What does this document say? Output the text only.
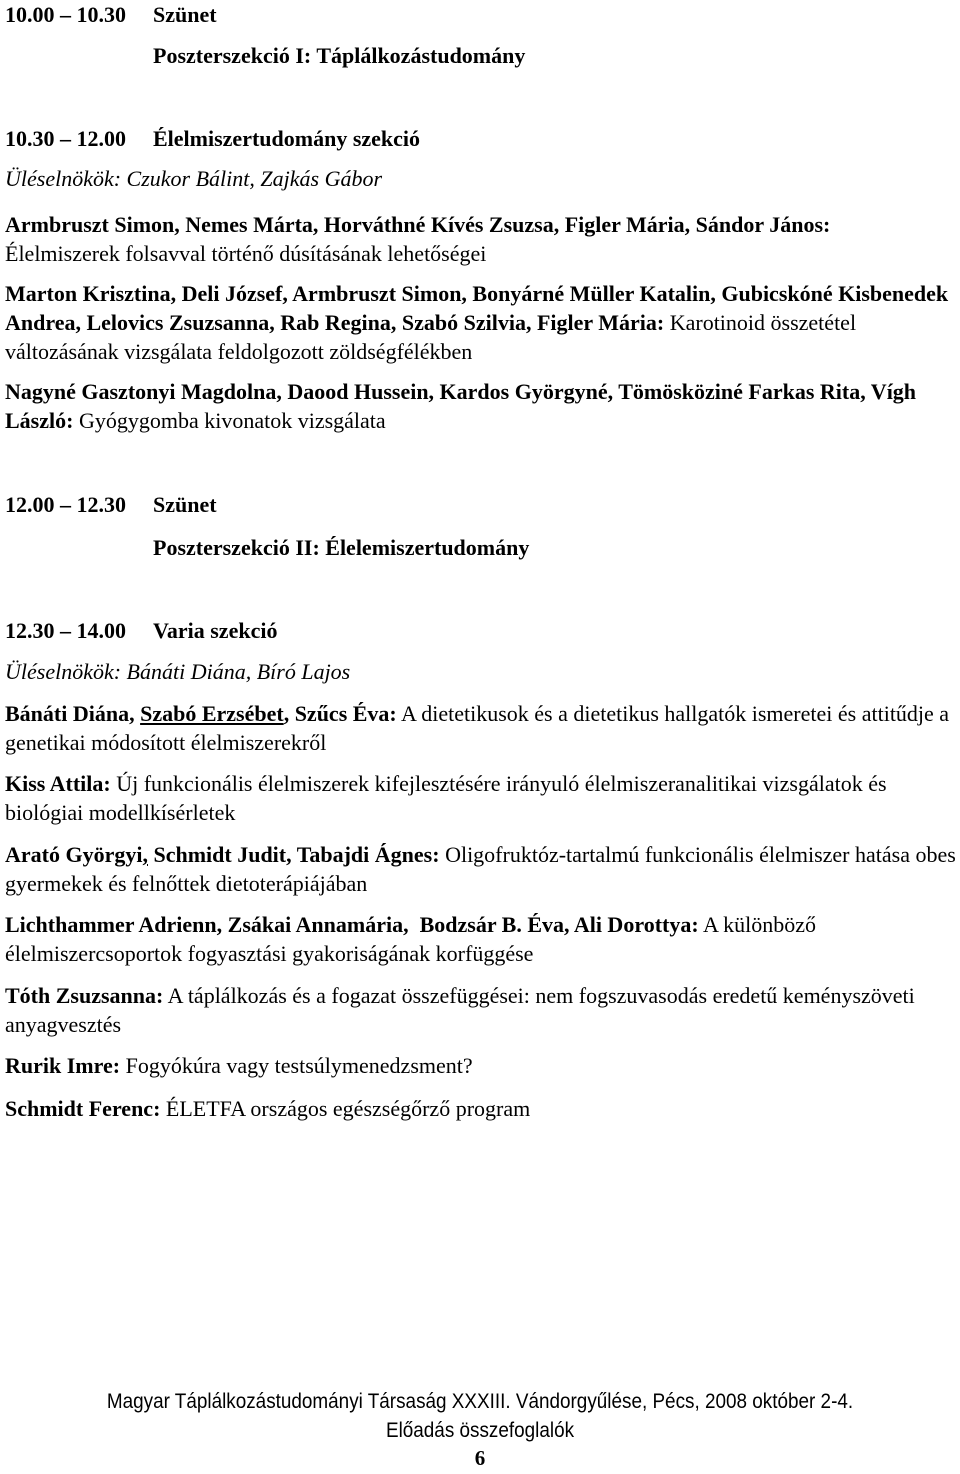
10.00 – 10.30 Szünet
Poszterszekció I: Táplálkozástudomány
10.30 – 12.00 Élelmiszertudomány szekció
Üléselnökök: Czukor Bálint, Zajkás Gábor
Armbruszt Simon, Nemes Márta, Horváthné Kívés Zsuzsa, Figler Mária, Sándor János:
Élelmiszerek folsavval történő dúsításának lehetőségei
Marton Krisztina, Deli József, Armbruszt Simon, Bonyárné Müller Katalin, Gubicskóné Kisbenedek Andrea, Lelovics Zsuzsanna, Rab Regina, Szabó Szilvia, Figler Mária: Karotinoid összetétel változásának vizsgálata feldolgozott zöldségfélékben
Nagyné Gasztonyi Magdolna, Daood Hussein, Kardos Györgyné, Tömösköziné Farkas Rita, Vígh László: Gyógygomba kivonatok vizsgálata
12.00 – 12.30 Szünet
Poszterszekció II: Élelemiszertudomány
12.30 – 14.00 Varia szekció
Üléselnökök: Bánáti Diána, Bíró Lajos
Bánáti Diána, Szabó Erzsébet, Szűcs Éva: A dietetikusok és a dietetikus hallgatók ismeretei és attitűdje a genetikai módosított élelmiszerekről
Kiss Attila: Új funkcionális élelmiszerek kifejlesztésére irányuló élelmiszeranalitikai vizsgálatok és biológiai modellkísérletek
Arató Györgyi, Schmidt Judit, Tabajdi Ágnes: Oligofruktóz-tartalmú funkcionális élelmiszer hatása obes gyermekek és felnőttek dietoterápiájában
Lichthammer Adrienn, Zsákai Annamária,  Bodzsár B. Éva, Ali Dorottya: A különböző élelmiszercsoportok fogyasztási gyakoriságának korfüggése
Tóth Zsuzsanna: A táplálkozás és a fogazat összefüggései: nem fogszuvasodás eredetű keményszöveti anyagvesztés
Rurik Imre: Fogyókúra vagy testsúlymenedzsment?
Schmidt Ferenc: ÉLETFA országos egészségőrző program
Magyar Táplálkozástudományi Társaság XXXIII. Vándorgyűlése, Pécs, 2008 október 2-4.
Előadás összefoglalók
6
